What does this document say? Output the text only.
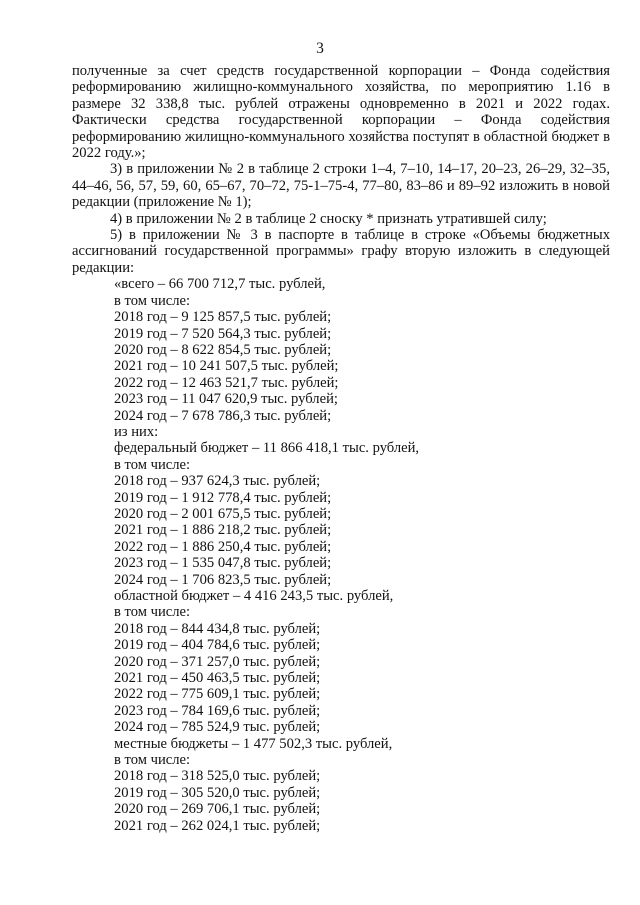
3

полученные за счет средств государственной корпорации – Фонда содействия реформированию жилищно-коммунального хозяйства, по мероприятию 1.16 в размере 32 338,8 тыс. рублей отражены одновременно в 2021 и 2022 годах. Фактически средства государственной корпорации – Фонда содействия реформированию жилищно-коммунального хозяйства поступят в областной бюджет в 2022 году.»;

3) в приложении № 2 в таблице 2 строки 1–4, 7–10, 14–17, 20–23, 26–29, 32–35, 44–46, 56, 57, 59, 60, 65–67, 70–72, 75-1–75-4, 77–80, 83–86 и 89–92 изложить в новой редакции (приложение № 1);

4) в приложении № 2 в таблице 2 сноску * признать утратившей силу;

5) в приложении № 3 в паспорте в таблице в строке «Объемы бюджетных ассигнований государственной программы» графу вторую изложить в следующей редакции:

«всего – 66 700 712,7 тыс. рублей,
в том числе:
2018 год – 9 125 857,5 тыс. рублей;
2019 год – 7 520 564,3 тыс. рублей;
2020 год – 8 622 854,5 тыс. рублей;
2021 год – 10 241 507,5 тыс. рублей;
2022 год – 12 463 521,7 тыс. рублей;
2023 год – 11 047 620,9 тыс. рублей;
2024 год – 7 678 786,3 тыс. рублей;
из них:
федеральный бюджет – 11 866 418,1 тыс. рублей,
в том числе:
2018 год – 937 624,3 тыс. рублей;
2019 год – 1 912 778,4 тыс. рублей;
2020 год – 2 001 675,5 тыс. рублей;
2021 год – 1 886 218,2 тыс. рублей;
2022 год – 1 886 250,4 тыс. рублей;
2023 год – 1 535 047,8 тыс. рублей;
2024 год – 1 706 823,5 тыс. рублей;
областной бюджет – 4 416 243,5 тыс. рублей,
в том числе:
2018 год – 844 434,8 тыс. рублей;
2019 год – 404 784,6 тыс. рублей;
2020 год – 371 257,0 тыс. рублей;
2021 год – 450 463,5 тыс. рублей;
2022 год – 775 609,1 тыс. рублей;
2023 год – 784 169,6 тыс. рублей;
2024 год – 785 524,9 тыс. рублей;
местные бюджеты – 1 477 502,3 тыс. рублей,
в том числе:
2018 год – 318 525,0 тыс. рублей;
2019 год – 305 520,0 тыс. рублей;
2020 год – 269 706,1 тыс. рублей;
2021 год – 262 024,1 тыс. рублей;
